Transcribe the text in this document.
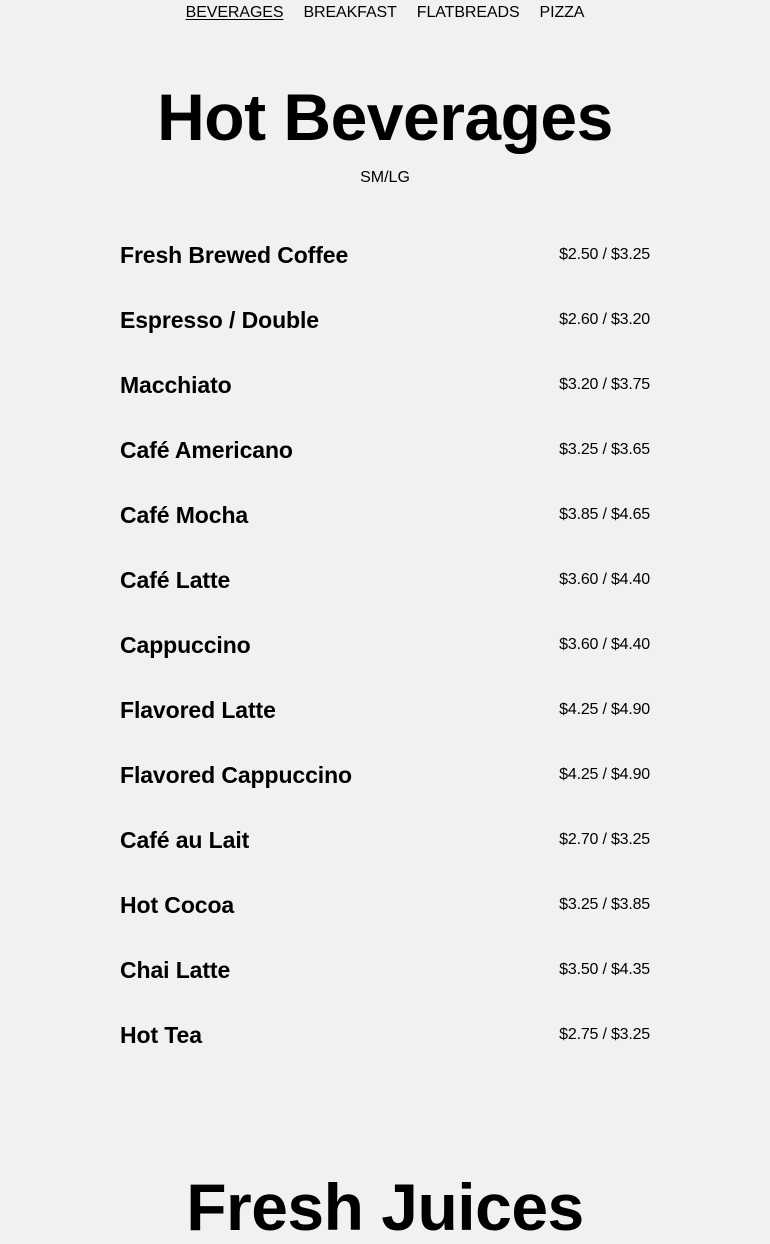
BEVERAGES BREAKFAST FLATBREADS PIZZA
Hot Beverages
SM/LG
Fresh Brewed Coffee	$2.50 / $3.25
Espresso / Double	$2.60 / $3.20
Macchiato	$3.20 / $3.75
Café Americano	$3.25 / $3.65
Café Mocha	$3.85 / $4.65
Café Latte	$3.60 / $4.40
Cappuccino	$3.60 / $4.40
Flavored Latte	$4.25 / $4.90
Flavored Cappuccino	$4.25 / $4.90
Café au Lait	$2.70 / $3.25
Hot Cocoa	$3.25 / $3.85
Chai Latte	$3.50 / $4.35
Hot Tea	$2.75 / $3.25
Fresh Juices
